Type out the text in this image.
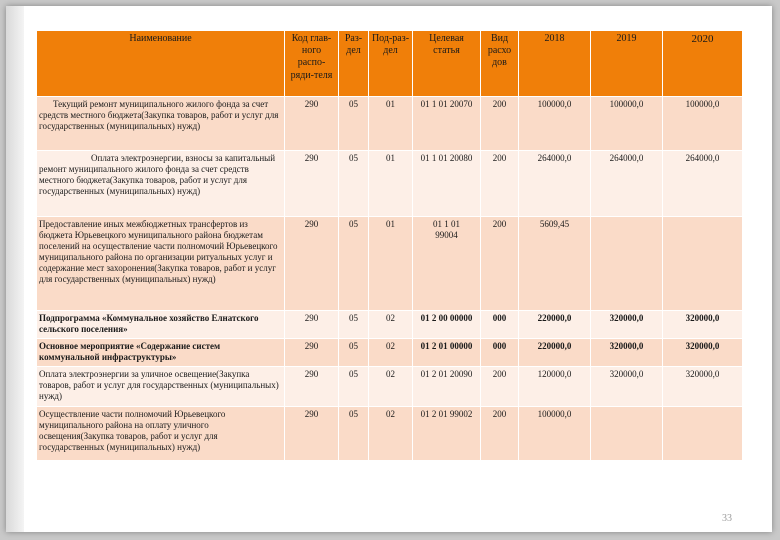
Наименование	Код глав-ного распо-ряди-теля	Раз-дел	Под-раз-дел	Целевая статья	Вид расхо дов	2018	2019	2020
Текущий ремонт муниципального жилого фонда за счет средств местного бюджета(Закупка товаров, работ и услуг для государственных (муниципальных) нужд)	290	05	01	01 1 01 20070	200	100000,0	100000,0	100000,0
Оплата электроэнергии, взносы за капитальный ремонт муниципального жилого фонда за счет средств местного бюджета(Закупка товаров, работ и услуг для государственных (муниципальных) нужд)	290	05	01	01 1 01 20080	200	264000,0	264000,0	264000,0
Предоставление иных межбюджетных трансфертов из бюджета Юрьевецкого муниципального района бюджетам поселений на осуществление части полномочий Юрьевецкого муниципального района по организации ритуальных услуг и содержание мест захоронения(Закупка товаров, работ и услуг для государственных (муниципальных) нужд)	290	05	01	01 1 01 99004	200	5609,45		
Подпрограмма «Коммунальное хозяйство Елнатского сельского поселения»	290	05	02	01 2 00 00000	000	220000,0	320000,0	320000,0
Основное мероприятие «Содержание систем коммунальной инфраструктуры»	290	05	02	01 2 01 00000	000	220000,0	320000,0	320000,0
Оплата электроэнергии за уличное освещение(Закупка товаров, работ и услуг для государственных (муниципальных) нужд)	290	05	02	01 2 01 20090	200	120000,0	320000,0	320000,0
Осуществление части полномочий Юрьевецкого муниципального района на оплату уличного освещения(Закупка товаров, работ и услуг для государственных (муниципальных) нужд)	290	05	02	01 2 01 99002	200	100000,0		
33
